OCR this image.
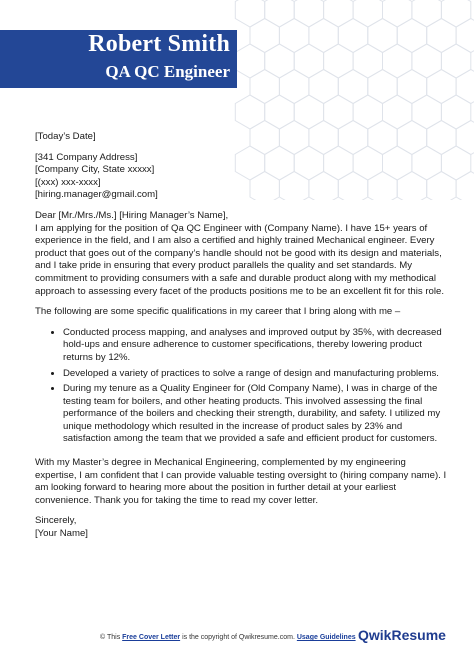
Robert Smith
QA QC Engineer

[Today’s Date]

[341 Company Address]

[Company City, State xxxxx]

[(xxx) xxx-xxxx]

[hiring.manager@gmail.com]

Dear [Mr./Mrs./Ms.] [Hiring Manager’s Name],

I am applying for the position of Qa QC Engineer with (Company Name). I have 15+ years of experience in the field, and I am also a certified and highly trained Mechanical engineer. Every product that goes out of the company’s handle should not be good with its design and materials, and I take pride in ensuring that every product parallels the quality and set standards. My commitment to providing consumers with a safe and durable product along with my methodical approach to assessing every facet of the products positions me to be an excellent fit for this role.

The following are some specific qualifications in my career that I bring along with me –

• Conducted process mapping, and analyses and improved output by 35%, with decreased hold-ups and ensure adherence to customer specifications, thereby lowering product returns by 12%.
• Developed a variety of practices to solve a range of design and manufacturing problems.
• During my tenure as a Quality Engineer for (Old Company Name), I was in charge of the testing team for boilers, and other heating products. This involved assessing the final performance of the boilers and checking their strength, durability, and safety. I utilized my unique methodology which resulted in the increase of product sales by 23% and satisfaction among the team that we provided a safe and efficient product for customers.

With my Master’s degree in Mechanical Engineering, complemented by my engineering expertise, I am confident that I can provide valuable testing oversight to (hiring company name). I am looking forward to hearing more about the position in further detail at your earliest convenience. Thank you for taking the time to read my cover letter.

Sincerely,

[Your Name]

© This Free Cover Letter is the copyright of Qwikresume.com. Usage Guidelines QwikResume
